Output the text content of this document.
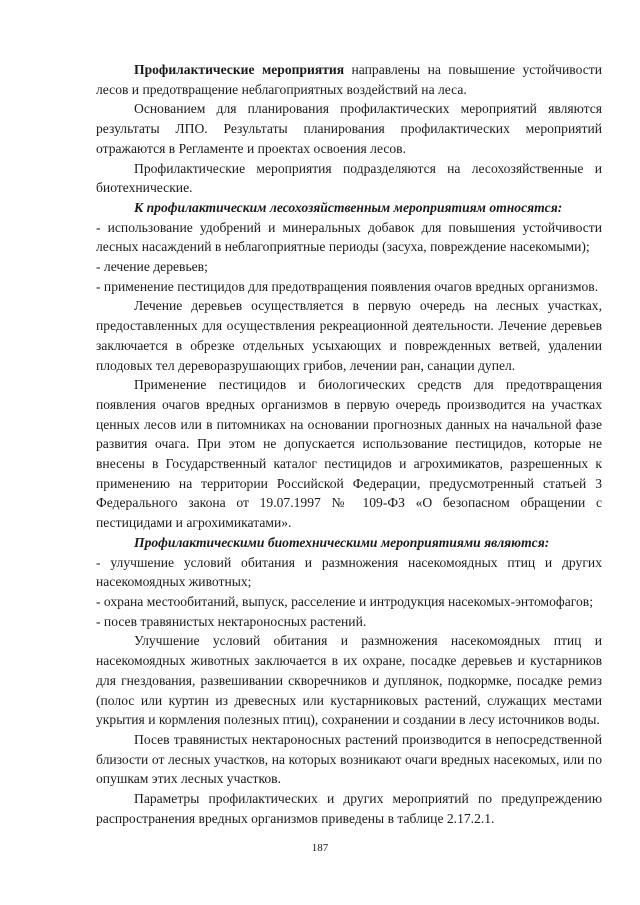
Профилактические мероприятия направлены на повышение устойчивости лесов и предотвращение неблагоприятных воздействий на леса.

Основанием для планирования профилактических мероприятий являются результаты ЛПО. Результаты планирования профилактических мероприятий отражаются в Регламенте и проектах освоения лесов.

Профилактические мероприятия подразделяются на лесохозяйственные и биотехнические.

К профилактическим лесохозяйственным мероприятиям относятся:

- использование удобрений и минеральных добавок для повышения устойчивости лесных насаждений в неблагоприятные периоды (засуха, повреждение насекомыми);

- лечение деревьев;

- применение пестицидов для предотвращения появления очагов вредных организмов.

Лечение деревьев осуществляется в первую очередь на лесных участках, предоставленных для осуществления рекреационной деятельности. Лечение деревьев заключается в обрезке отдельных усыхающих и поврежденных ветвей, удалении плодовых тел дереворазрушающих грибов, лечении ран, санации дупел.

Применение пестицидов и биологических средств для предотвращения появления очагов вредных организмов в первую очередь производится на участках ценных лесов или в питомниках на основании прогнозных данных на начальной фазе развития очага. При этом не допускается использование пестицидов, которые не внесены в Государственный каталог пестицидов и агрохимикатов, разрешенных к применению на территории Российской Федерации, предусмотренный статьей 3 Федерального закона от 19.07.1997 № 109-ФЗ «О безопасном обращении с пестицидами и агрохимикатами».

Профилактическими биотехническими мероприятиями являются:

- улучшение условий обитания и размножения насекомоядных птиц и других насекомоядных животных;

- охрана местообитаний, выпуск, расселение и интродукция насекомых-энтомофагов;

- посев травянистых нектароносных растений.

Улучшение условий обитания и размножения насекомоядных птиц и насекомоядных животных заключается в их охране, посадке деревьев и кустарников для гнездования, развешивании скворечников и дуплянок, подкормке, посадке ремиз (полос или куртин из древесных или кустарниковых растений, служащих местами укрытия и кормления полезных птиц), сохранении и создании в лесу источников воды.

Посев травянистых нектароносных растений производится в непосредственной близости от лесных участков, на которых возникают очаги вредных насекомых, или по опушкам этих лесных участков.

Параметры профилактических и других мероприятий по предупреждению распространения вредных организмов приведены в таблице 2.17.2.1.

187
